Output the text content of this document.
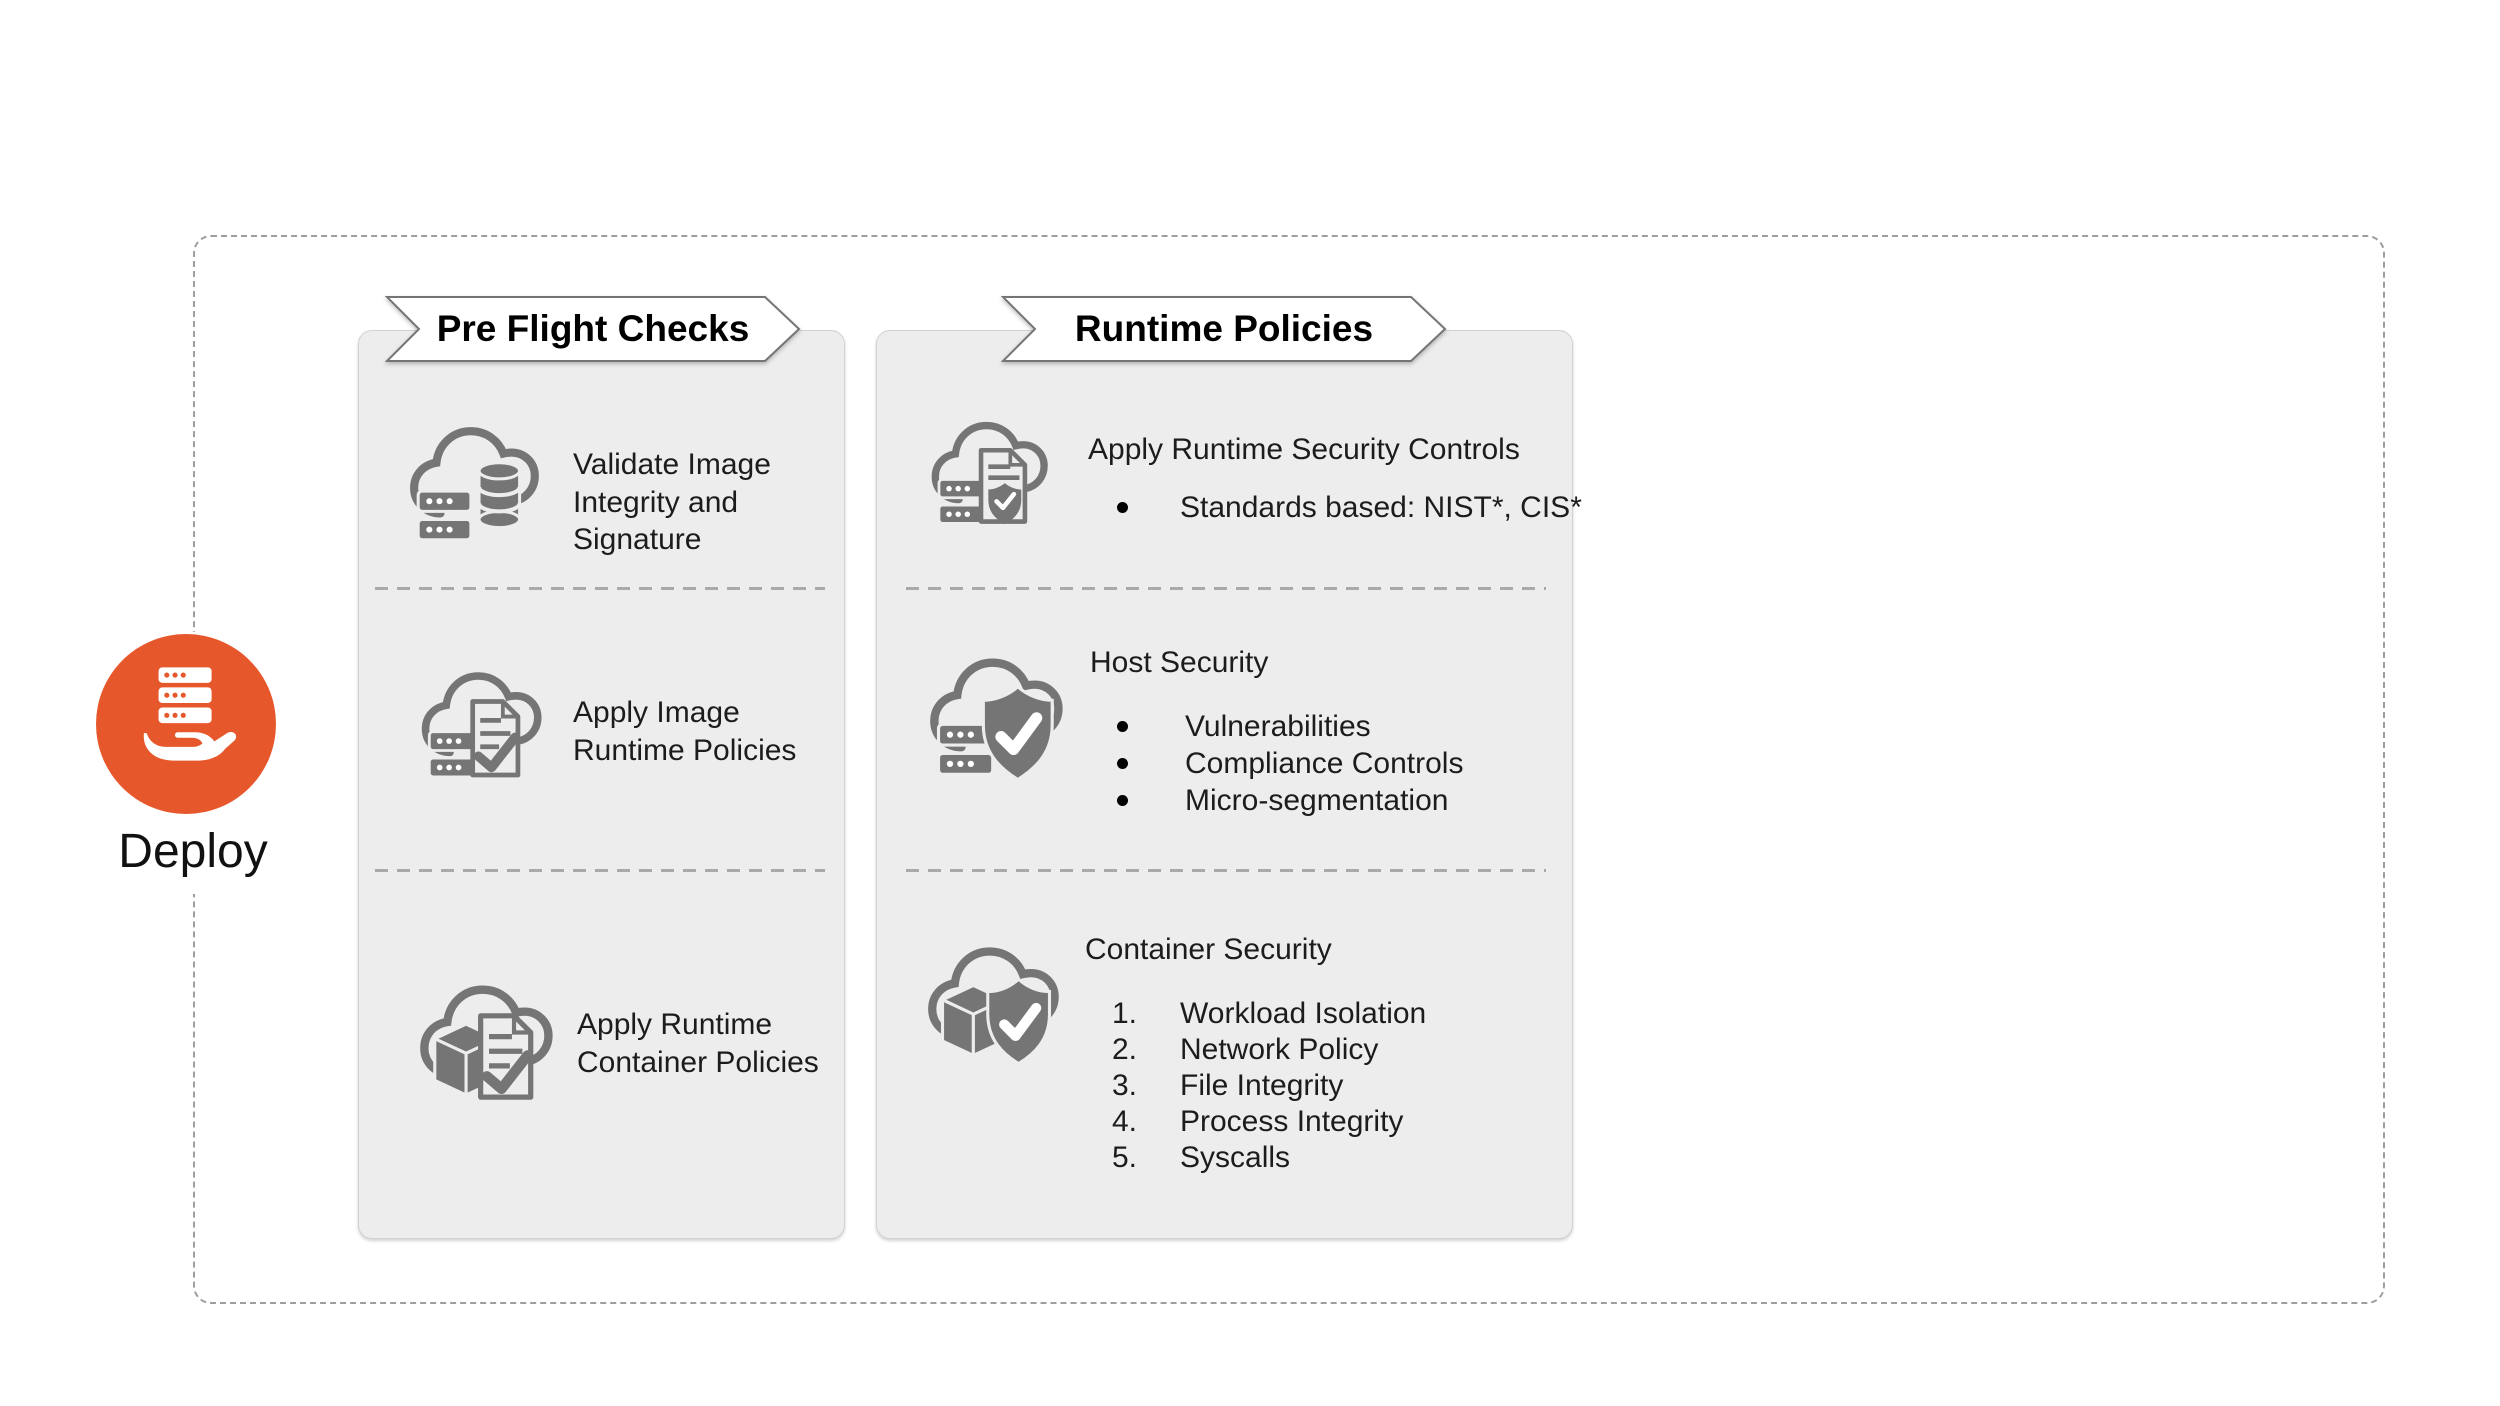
Deploy
Pre Flight Checks	Runtime Policies
Validate Image
Integrity and
Signature
Apply Image
Runtime Policies
Apply Runtime
Container Policies
Apply Runtime Security Controls
Standards based: NIST*, CIS*
Host Security
Vulnerabilities
Compliance Controls
Micro-segmentation
Container Security
1.	Workload Isolation
2.	Network Policy
3.	File Integrity
4.	Process Integrity
5.	Syscalls
